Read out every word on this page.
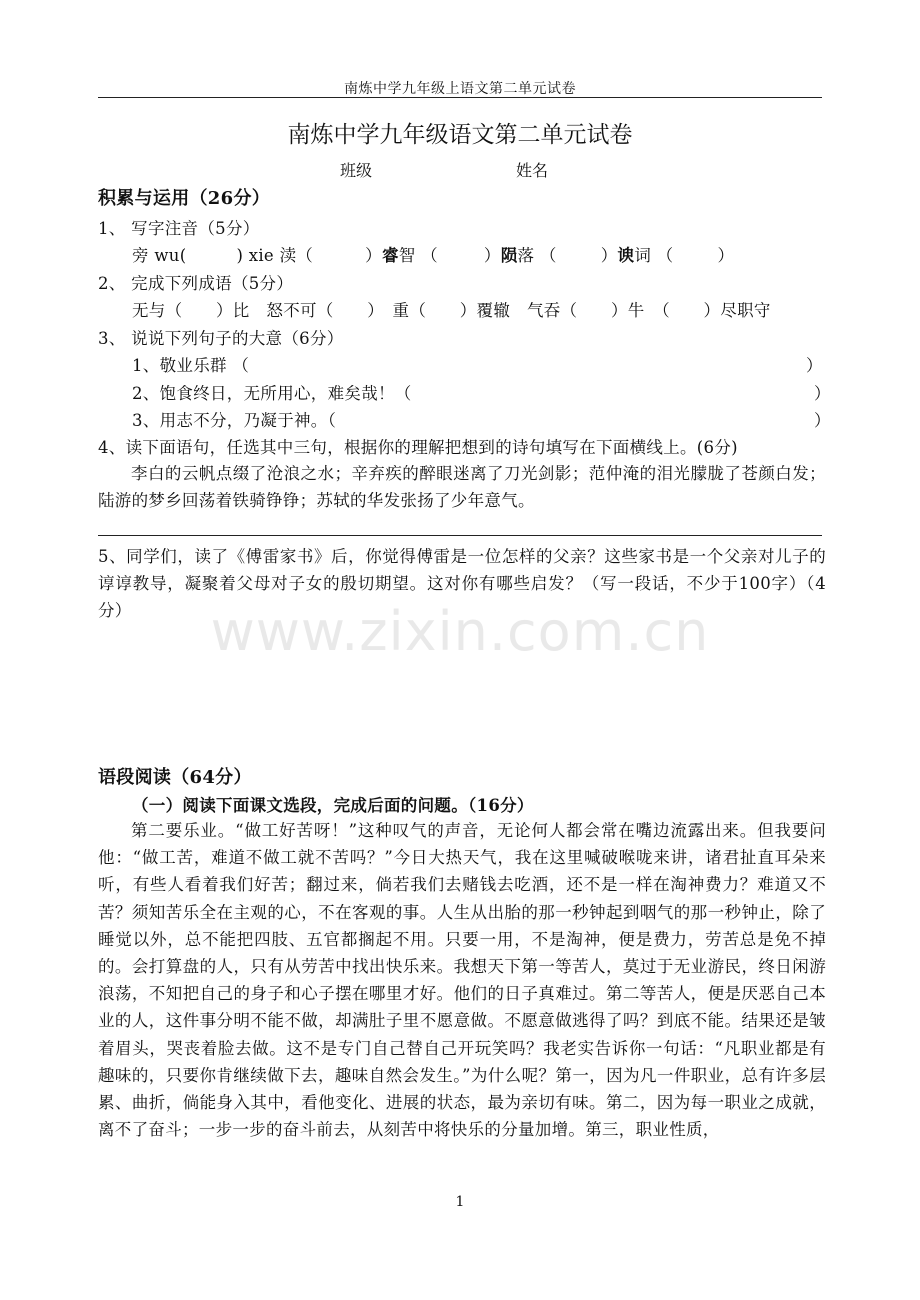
南炼中学九年级上语文第二单元试卷
南炼中学九年级语文第二单元试卷
班级	姓名
积累与运用（26分）
1、 写字注音（5分）
旁 wu(	) xie 渎（	）睿智 （	）陨落 （	）谀词 （	）
2、 完成下列成语（5分）
无与（　　）比　怒不可（　　）　重（　　）覆辙　气吞（　　）牛　（　　）尽职守
3、 说说下列句子的大意（6分）
1、敬业乐群 （	）
2、饱食终日，无所用心，难矣哉！（	）
3、用志不分，乃凝于神。（	）
4、读下面语句，任选其中三句，根据你的理解把想到的诗句填写在下面横线上。(6分)
李白的云帆点缀了沧浪之水；辛弃疾的醉眼迷离了刀光剑影；范仲淹的泪光朦胧了苍颜白发；陆游的梦乡回荡着铁骑铮铮；苏轼的华发张扬了少年意气。
5、同学们，读了《傅雷家书》后，你觉得傅雷是一位怎样的父亲？这些家书是一个父亲对儿子的谆谆教导，凝聚着父母对子女的殷切期望。这对你有哪些启发？（写一段话，不少于100字）（4分）	www.zixin.com.cn
语段阅读（64分）
（一）阅读下面课文选段，完成后面的问题。（16分）
第二要乐业。“做工好苦呀！”这种叹气的声音，无论何人都会常在嘴边流露出来。但我要问他：“做工苦，难道不做工就不苦吗？”今日大热天气，我在这里喊破喉咙来讲，诸君扯直耳朵来听，有些人看着我们好苦；翻过来，倘若我们去赌钱去吃酒，还不是一样在淘神费力？难道又不苦？须知苦乐全在主观的心，不在客观的事。人生从出胎的那一秒钟起到咽气的那一秒钟止，除了睡觉以外，总不能把四肢、五官都搁起不用。只要一用，不是淘神，便是费力，劳苦总是免不掉的。会打算盘的人，只有从劳苦中找出快乐来。我想天下第一等苦人，莫过于无业游民，终日闲游浪荡，不知把自己的身子和心子摆在哪里才好。他们的日子真难过。第二等苦人，便是厌恶自己本业的人，这件事分明不能不做，却满肚子里不愿意做。不愿意做逃得了吗？到底不能。结果还是皱着眉头，哭丧着脸去做。这不是专门自己替自己开玩笑吗？我老实告诉你一句话：“凡职业都是有趣味的，只要你肯继续做下去，趣味自然会发生。”为什么呢？第一，因为凡一件职业，总有许多层累、曲折，倘能身入其中，看他变化、进展的状态，最为亲切有味。第二，因为每一职业之成就，离不了奋斗；一步一步的奋斗前去，从刻苦中将快乐的分量加增。第三，职业性质，
1
